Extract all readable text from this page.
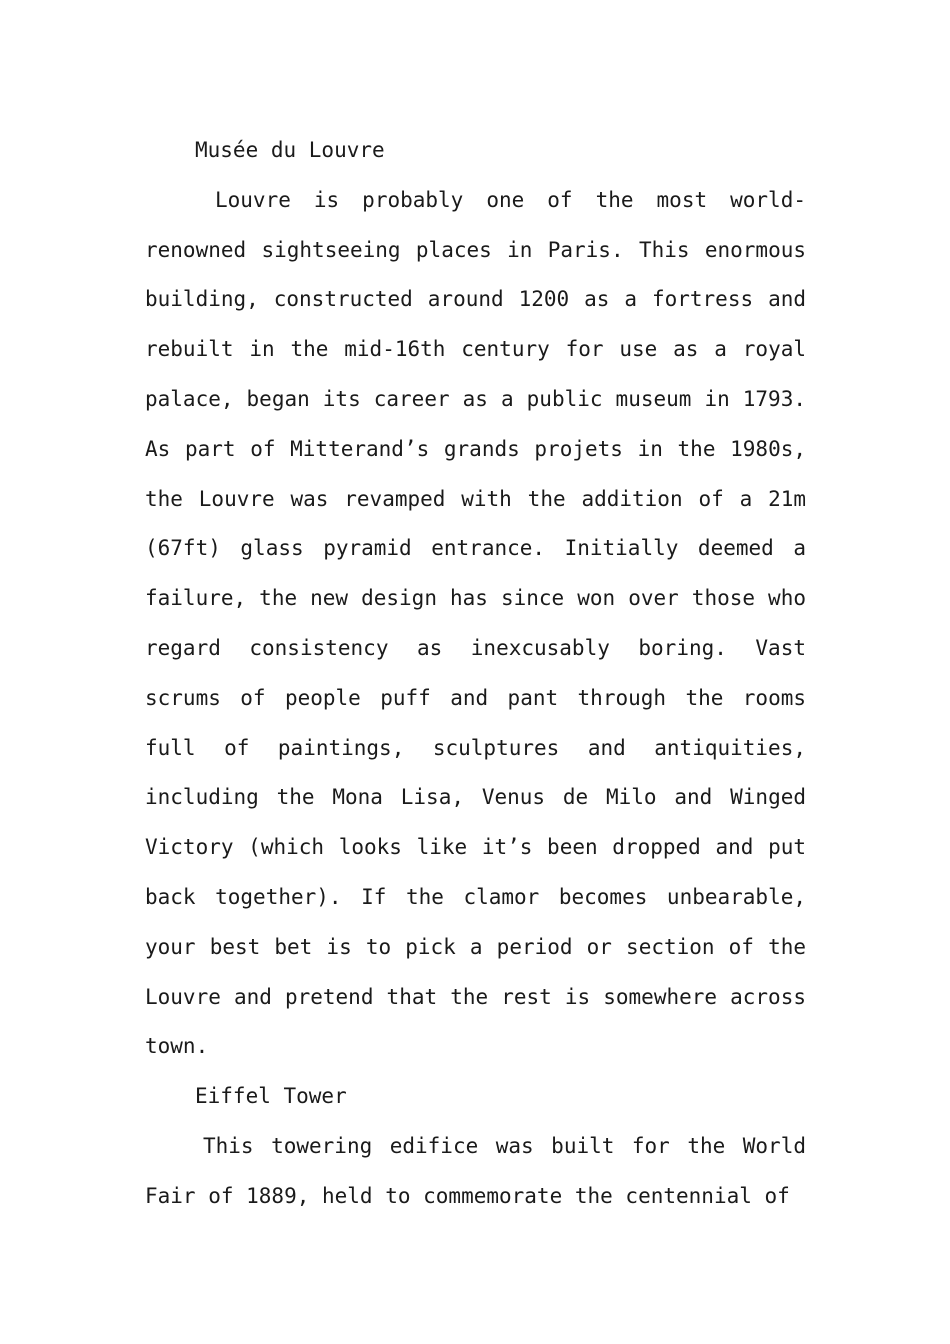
Musée du Louvre

Louvre is probably one of the most world-renowned sightseeing places in Paris. This enormous building, constructed around 1200 as a fortress and rebuilt in the mid-16th century for use as a royal palace, began its career as a public museum in 1793. As part of Mitterand’s grands projets in the 1980s, the Louvre was revamped with the addition of a 21m (67ft) glass pyramid entrance. Initially deemed a failure, the new design has since won over those who regard consistency as inexcusably boring. Vast scrums of people puff and pant through the rooms full of paintings, sculptures and antiquities, including the Mona Lisa, Venus de Milo and Winged Victory (which looks like it’s been dropped and put back together). If the clamor becomes unbearable, your best bet is to pick a period or section of the Louvre and pretend that the rest is somewhere across town.

Eiffel Tower

This towering edifice was built for the World Fair of 1889, held to commemorate the centennial of
